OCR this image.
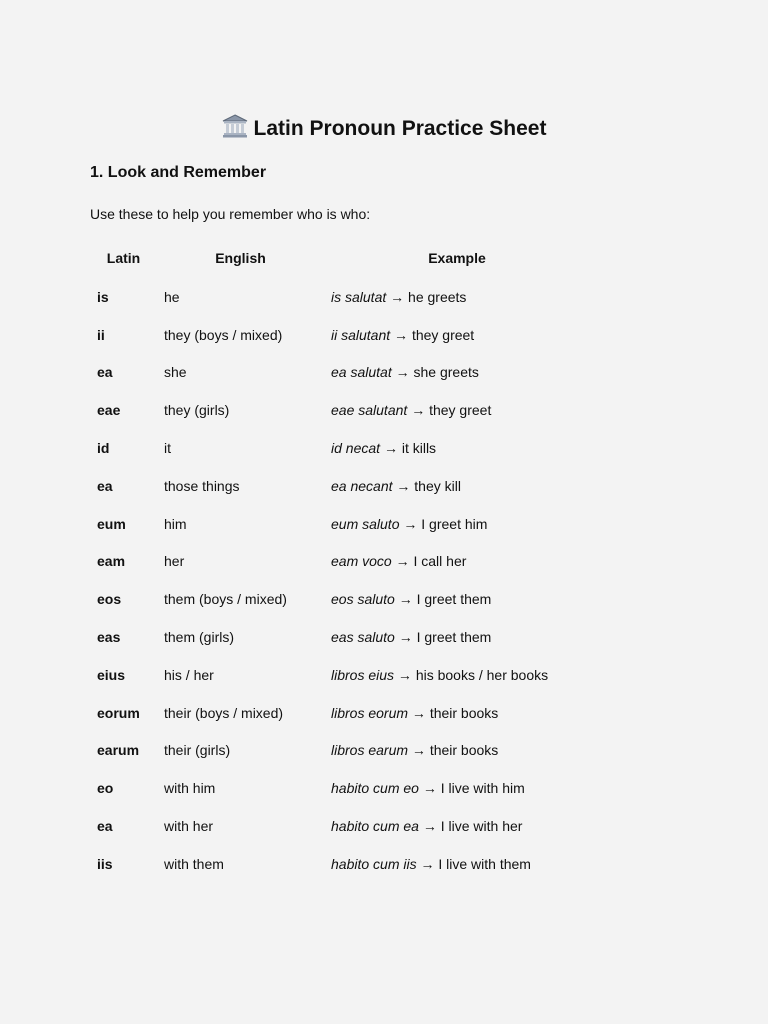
Latin Pronoun Practice Sheet
1. Look and Remember

Use these to help you remember who is who:

Latin	English	Example
is	he	is salutat → he greets
ii	they (boys / mixed)	ii salutant → they greet
ea	she	ea salutat → she greets
eae	they (girls)	eae salutant → they greet
id	it	id necat → it kills
ea	those things	ea necant → they kill
eum	him	eum saluto → I greet him
eam	her	eam voco → I call her
eos	them (boys / mixed)	eos saluto → I greet them
eas	them (girls)	eas saluto → I greet them
eius	his / her	libros eius → his books / her books
eorum	their (boys / mixed)	libros eorum → their books
earum	their (girls)	libros earum → their books
eo	with him	habito cum eo → I live with him
ea	with her	habito cum ea → I live with her
iis	with them	habito cum iis → I live with them
